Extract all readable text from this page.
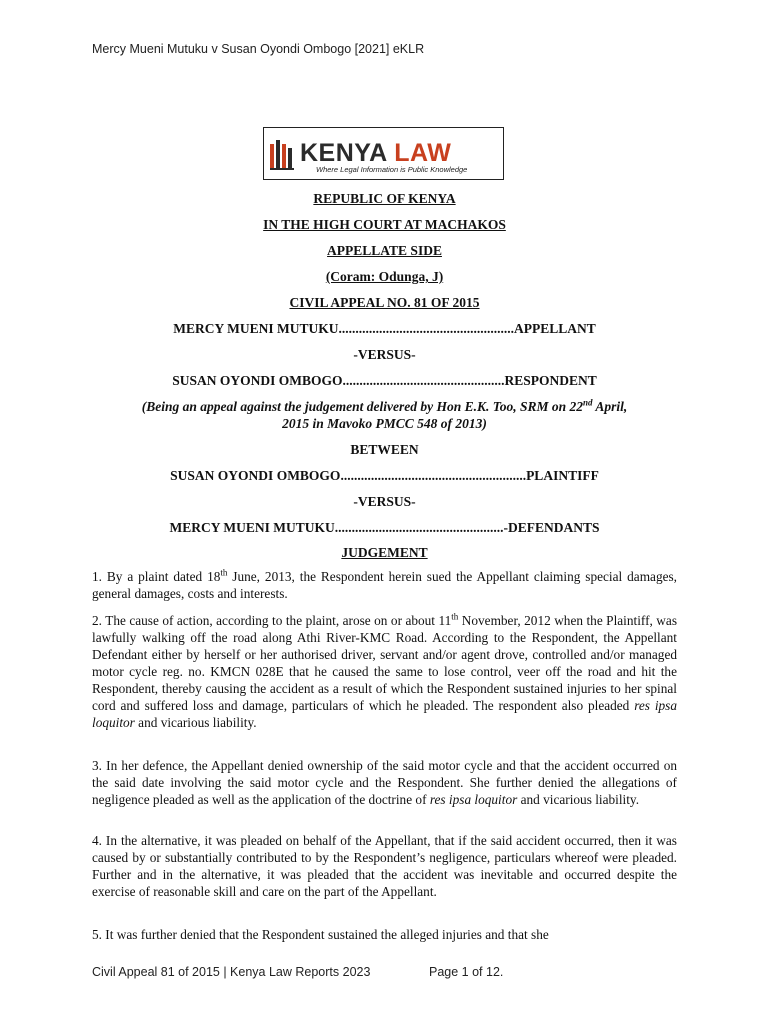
Mercy Mueni Mutuku v Susan Oyondi Ombogo [2021] eKLR
KENYA LAW
Where Legal Information is Public Knowledge
REPUBLIC OF KENYA
IN THE HIGH COURT AT MACHAKOS
APPELLATE SIDE
(Coram: Odunga, J)
CIVIL APPEAL NO. 81 OF 2015
MERCY MUENI MUTUKU....................................................APPELLANT
-VERSUS-
SUSAN OYONDI OMBOGO................................................RESPONDENT
(Being an appeal against the judgement delivered by Hon E.K. Too, SRM on 22nd April,
2015 in Mavoko PMCC 548 of 2013)
BETWEEN
SUSAN OYONDI OMBOGO.......................................................PLAINTIFF
-VERSUS-
MERCY MUENI MUTUKU..................................................-DEFENDANTS
JUDGEMENT
1. By a plaint dated 18th June, 2013, the Respondent herein sued the Appellant claiming special damages, general damages, costs and interests.
2. The cause of action, according to the plaint, arose on or about 11th November, 2012 when the Plaintiff, was lawfully walking off the road along Athi River-KMC Road. According to the Respondent, the Appellant Defendant either by herself or her authorised driver, servant and/or agent drove, controlled and/or managed motor cycle reg. no. KMCN 028E that he caused the same to lose control, veer off the road and hit the Respondent, thereby causing the accident as a result of which the Respondent sustained injuries to her spinal cord and suffered loss and damage, particulars of which he pleaded. The respondent also pleaded res ipsa loquitor and vicarious liability.
3. In her defence, the Appellant denied ownership of the said motor cycle and that the accident occurred on the said date involving the said motor cycle and the Respondent. She further denied the allegations of negligence pleaded as well as the application of the doctrine of res ipsa loquitor and vicarious liability.
4. In the alternative, it was pleaded on behalf of the Appellant, that if the said accident occurred, then it was caused by or substantially contributed to by the Respondent’s negligence, particulars whereof were pleaded. Further and in the alternative, it was pleaded that the accident was inevitable and occurred despite the exercise of reasonable skill and care on the part of the Appellant.
5. It was further denied that the Respondent sustained the alleged injuries and that she
Civil Appeal 81 of 2015 | Kenya Law Reports 2023	Page 1 of 12.
